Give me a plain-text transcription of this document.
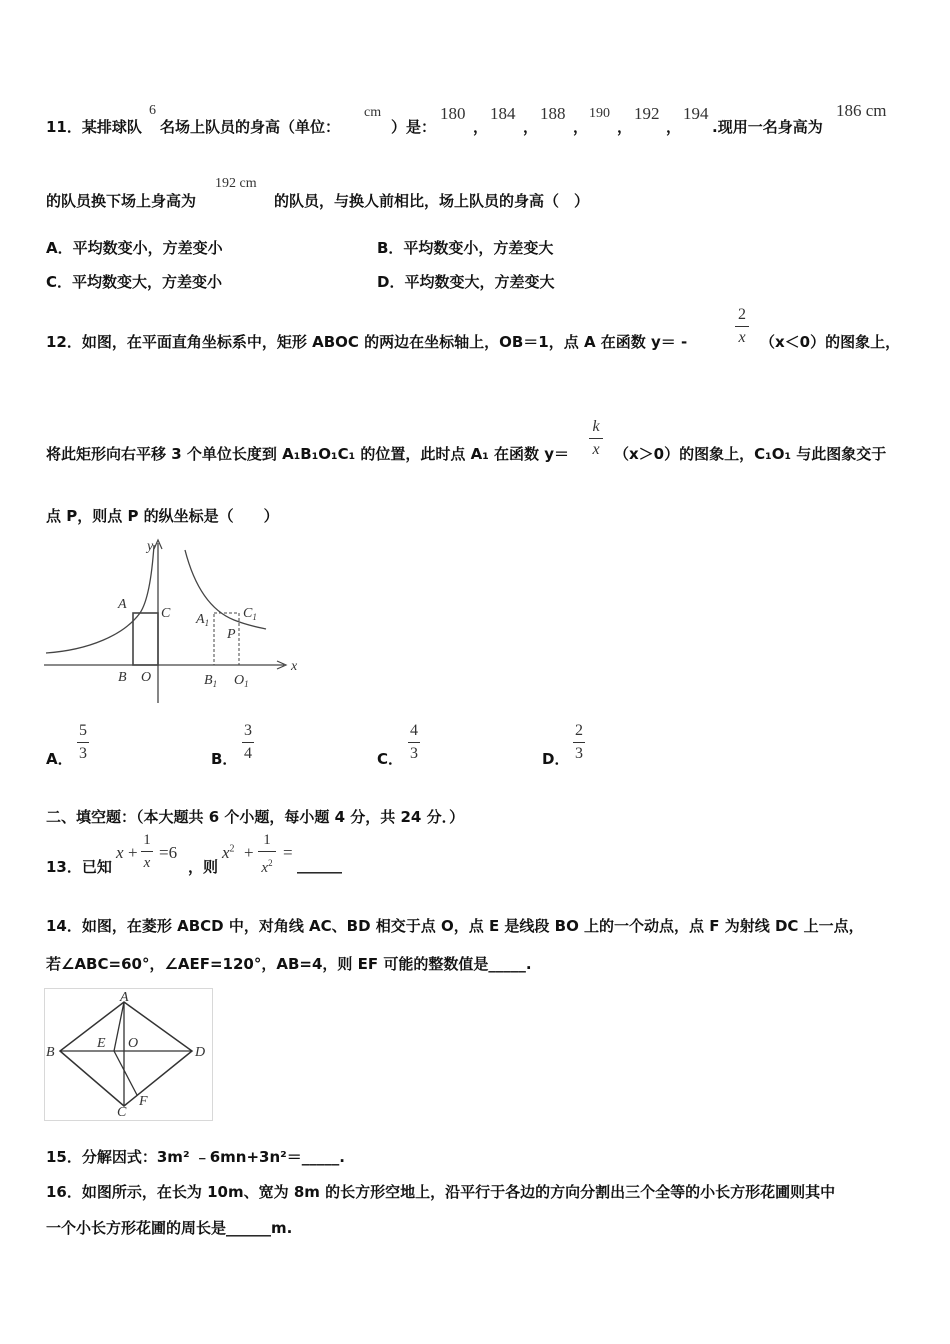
11．某排球队
6
名场上队员的身高（单位：
cm
）是：
180
，
184
，
188
，
190
，
192
，
194
.现用一名身高为
186 cm
的队员换下场上身高为
192 cm
的队员，与换人前相比，场上队员的身高（　）
A．平均数变小，方差变小	B．平均数变小，方差变大
C．平均数变大，方差变小	D．平均数变大，方差变大
12．如图，在平面直角坐标系中，矩形 ABOC 的两边在坐标轴上，OB＝1，点 A 在函数 y＝ -
2
x （x＜0）的图象上，
将此矩形向右平移 3 个单位长度到 A₁B₁O₁C₁ 的位置，此时点 A₁ 在函数 y＝
k
x （x＞0）的图象上，C₁O₁ 与此图象交于
点 P，则点 P 的纵坐标是（　　）
y
x
A
C
B O
$A_1$
$C_1$
P
$B_1$ $O_1$
A．
5
3	B．
3
4	C．
4
3	D．
2
3
二、填空题：（本大题共 6 个小题，每小题 4 分，共 24 分．）
13．已知
x +
1
x
=6
，则
$x^2$ +
1
$x^2$
=
______
14．如图，在菱形 ABCD 中，对角线 AC、BD 相交于点 O，点 E 是线段 BO 上的一个动点，点 F 为射线 DC 上一点，
若∠ABC=60°，∠AEF=120°，AB=4，则 EF 可能的整数值是_____.
A
B
C
D
E O
F
15．分解因式：3m² ﹣6mn+3n²＝_____.
16．如图所示，在长为 10m、宽为 8m 的长方形空地上，沿平行于各边的方向分割出三个全等的小长方形花圃则其中
一个小长方形花圃的周长是______m.
